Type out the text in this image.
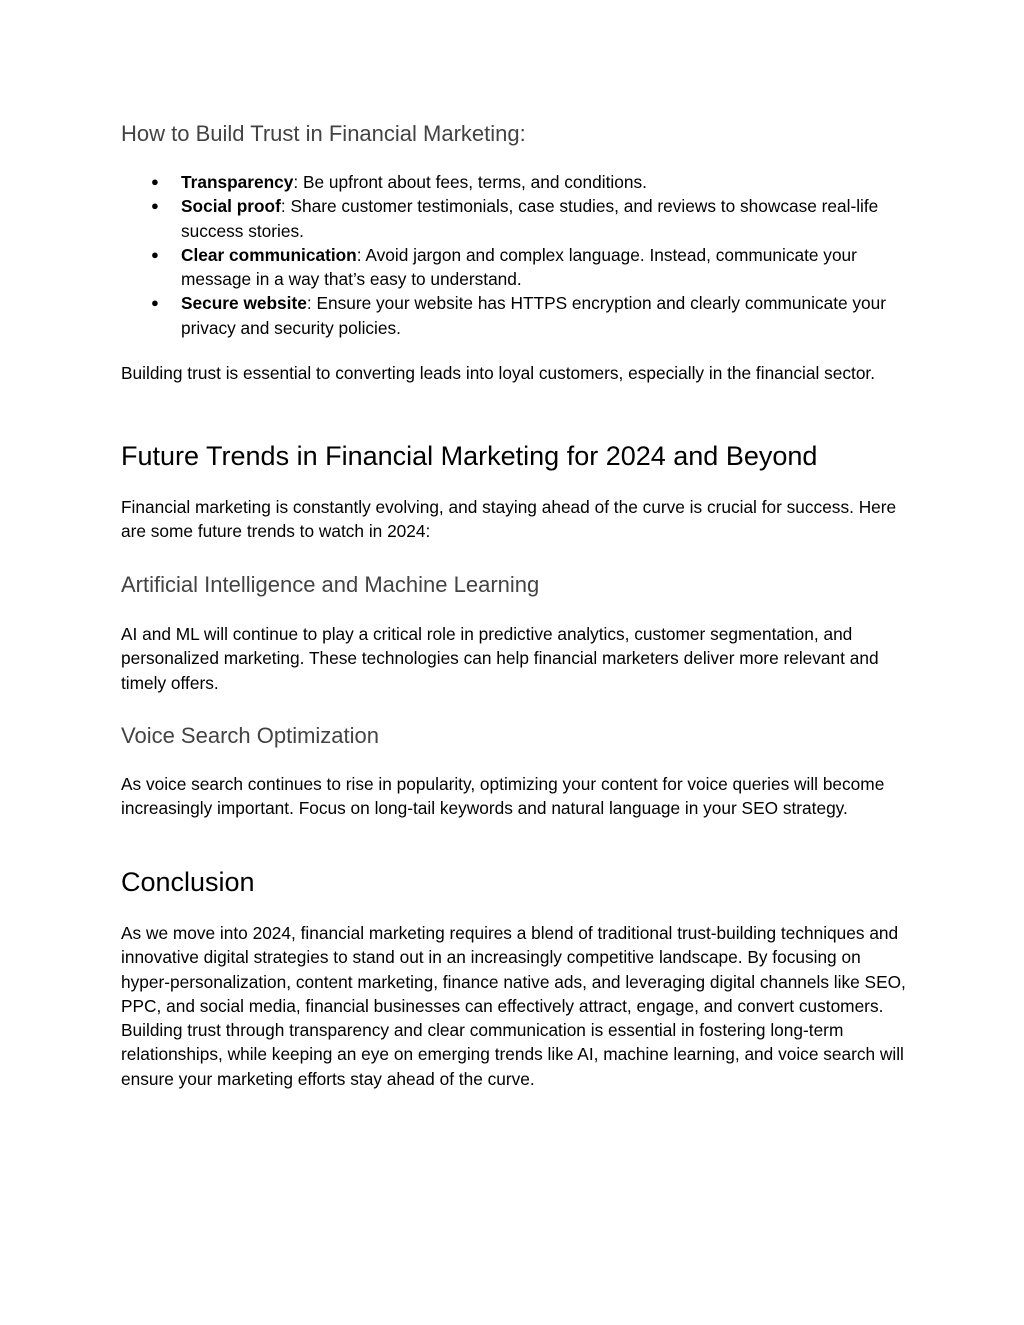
How to Build Trust in Financial Marketing:
● Transparency: Be upfront about fees, terms, and conditions.
● Social proof: Share customer testimonials, case studies, and reviews to showcase real-life success stories.
● Clear communication: Avoid jargon and complex language. Instead, communicate your message in a way that’s easy to understand.
● Secure website: Ensure your website has HTTPS encryption and clearly communicate your privacy and security policies.

Building trust is essential to converting leads into loyal customers, especially in the financial sector.

Future Trends in Financial Marketing for 2024 and Beyond

Financial marketing is constantly evolving, and staying ahead of the curve is crucial for success. Here are some future trends to watch in 2024:

Artificial Intelligence and Machine Learning

AI and ML will continue to play a critical role in predictive analytics, customer segmentation, and personalized marketing. These technologies can help financial marketers deliver more relevant and timely offers.

Voice Search Optimization

As voice search continues to rise in popularity, optimizing your content for voice queries will become increasingly important. Focus on long-tail keywords and natural language in your SEO strategy.

Conclusion

As we move into 2024, financial marketing requires a blend of traditional trust-building techniques and innovative digital strategies to stand out in an increasingly competitive landscape. By focusing on hyper-personalization, content marketing, finance native ads, and leveraging digital channels like SEO, PPC, and social media, financial businesses can effectively attract, engage, and convert customers. Building trust through transparency and clear communication is essential in fostering long-term relationships, while keeping an eye on emerging trends like AI, machine learning, and voice search will ensure your marketing efforts stay ahead of the curve.
